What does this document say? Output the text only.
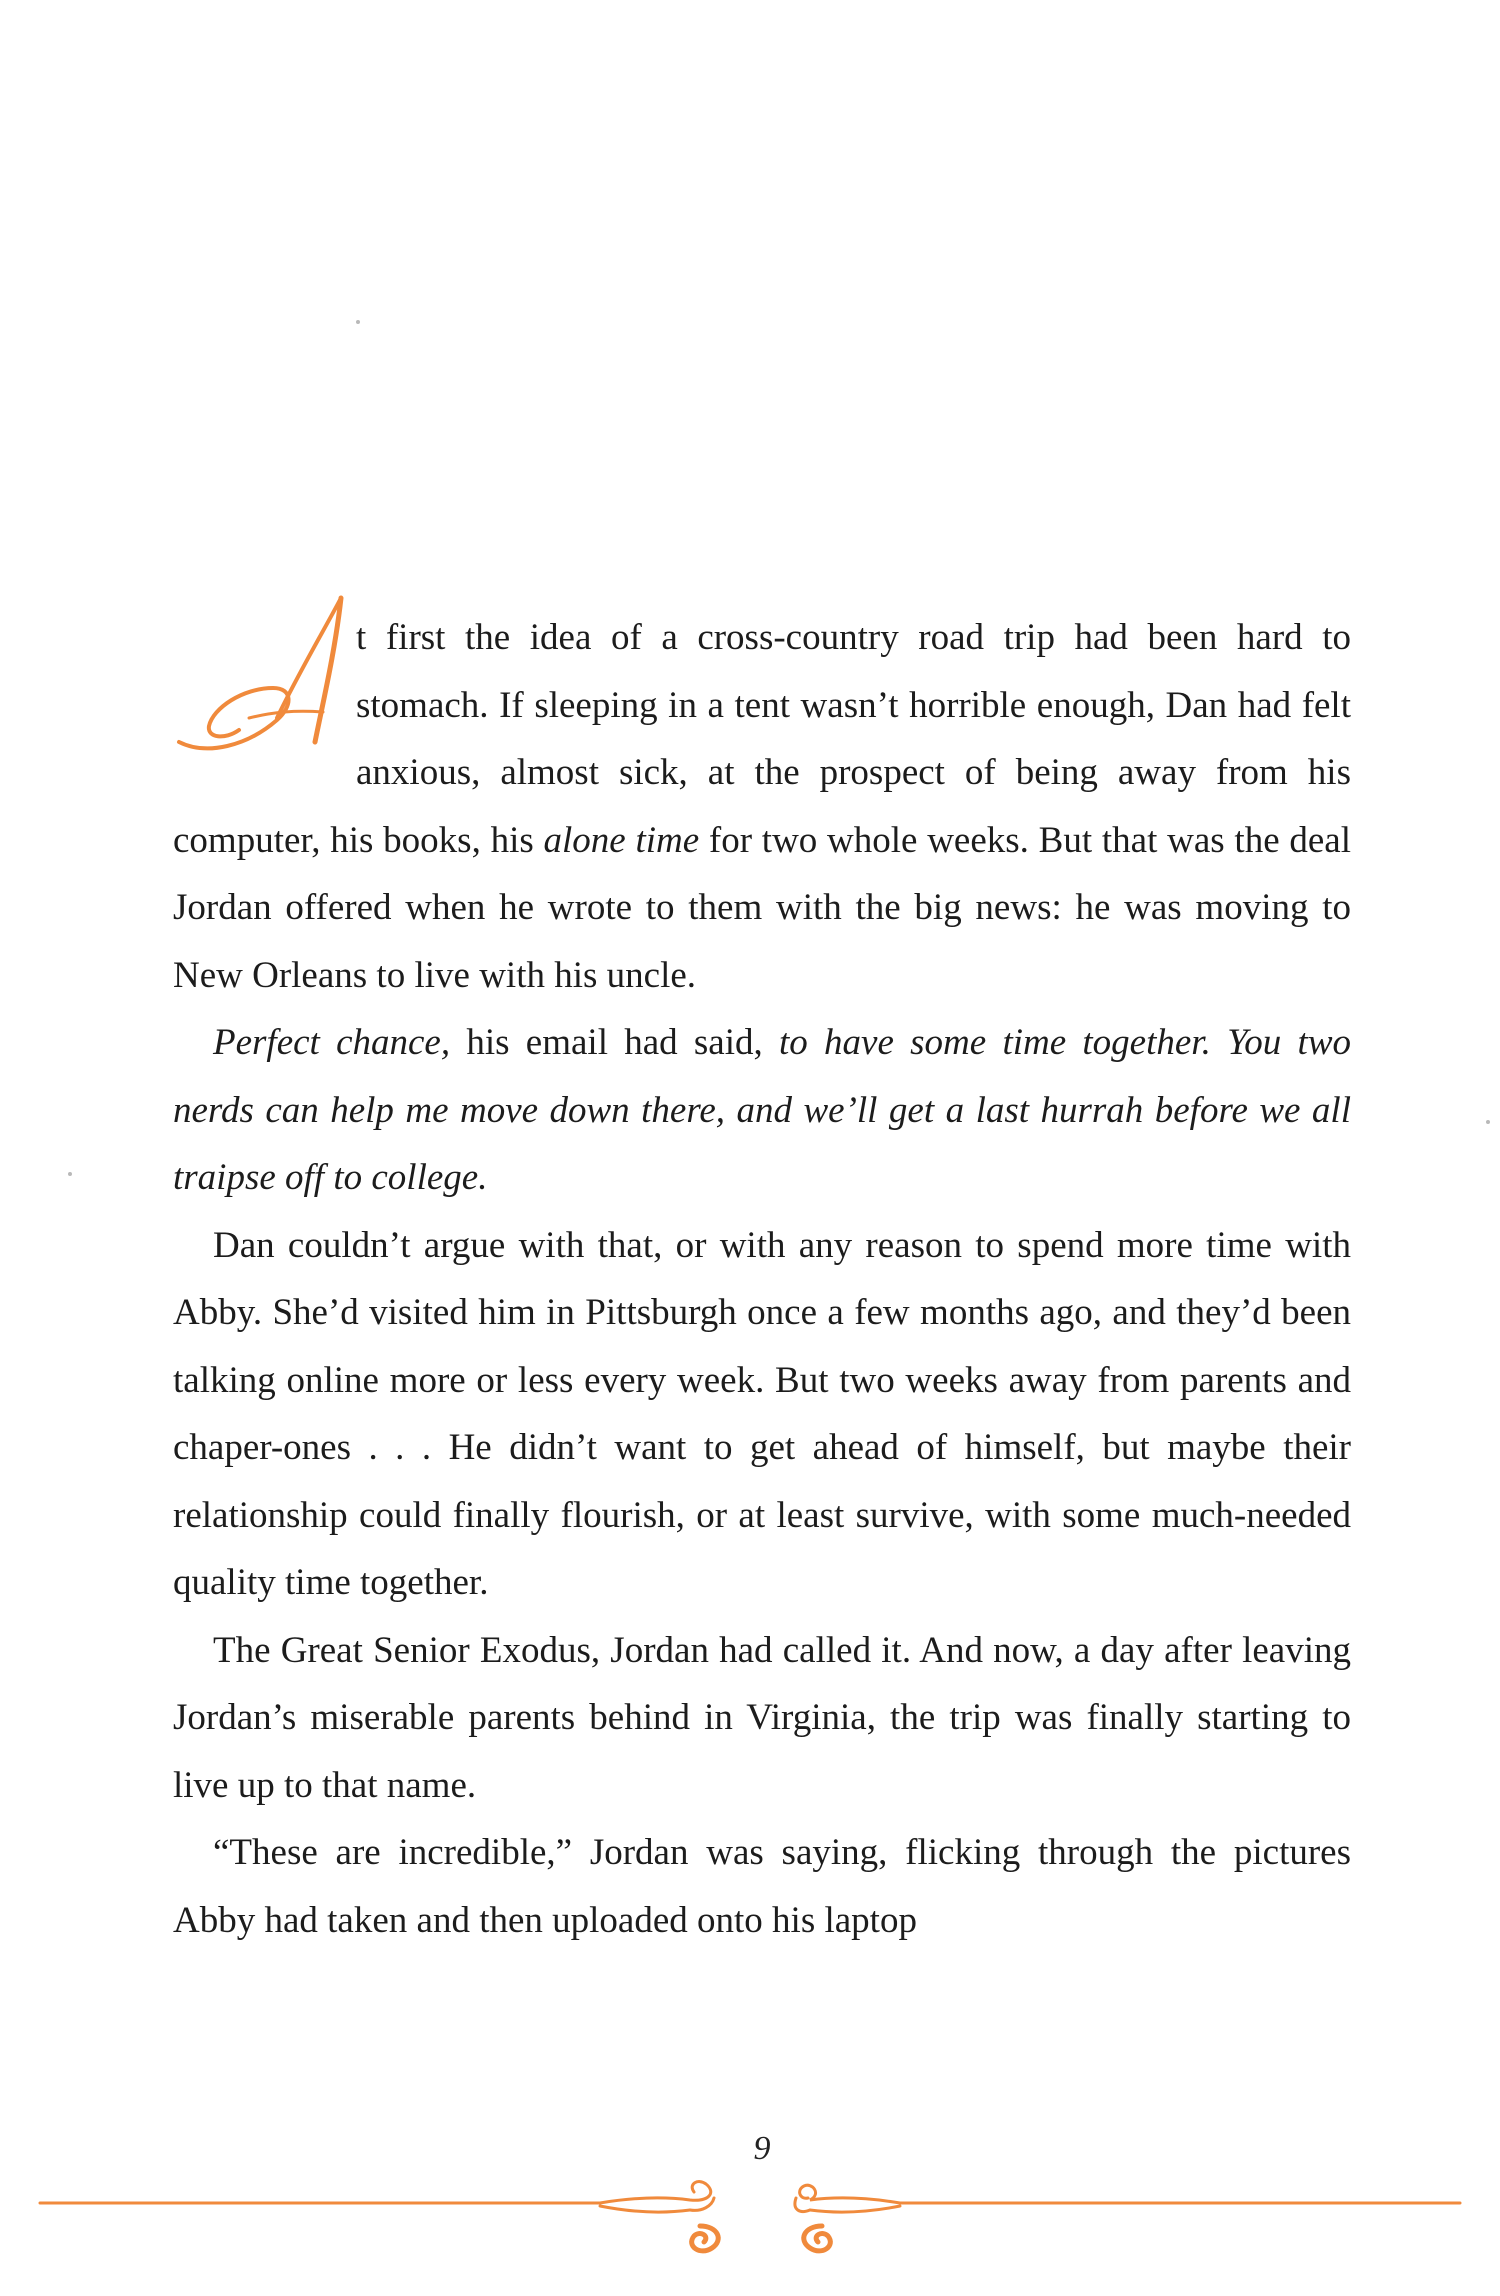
t first the idea of a cross-country road trip had been hard to stomach. If sleeping in a tent wasn’t horrible enough, Dan had felt anxious, almost sick, at the prospect of being away from his computer, his books, his alone time for two whole weeks. But that was the deal Jordan offered when he wrote to them with the big news: he was moving to New Orleans to live with his uncle.

Perfect chance, his email had said, to have some time together. You two nerds can help me move down there, and we’ll get a last hurrah before we all traipse off to college.

Dan couldn’t argue with that, or with any reason to spend more time with Abby. She’d visited him in Pittsburgh once a few months ago, and they’d been talking online more or less every week. But two weeks away from parents and chaper-ones . . . He didn’t want to get ahead of himself, but maybe their relationship could finally flourish, or at least survive, with some much-needed quality time together.

The Great Senior Exodus, Jordan had called it. And now, a day after leaving Jordan’s miserable parents behind in Virginia, the trip was finally starting to live up to that name.

“These are incredible,” Jordan was saying, flicking through the pictures Abby had taken and then uploaded onto his laptop

9
